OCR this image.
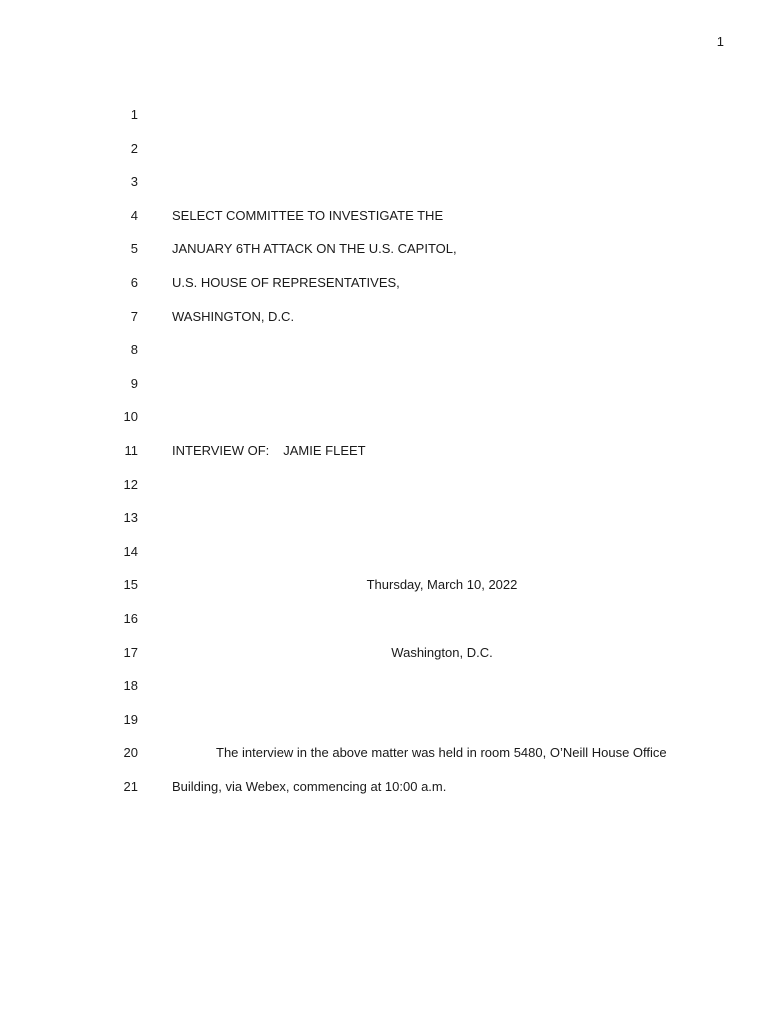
1
1
2
3
4	SELECT COMMITTEE TO INVESTIGATE THE
5	JANUARY 6TH ATTACK ON THE U.S. CAPITOL,
6	U.S. HOUSE OF REPRESENTATIVES,
7	WASHINGTON, D.C.
8
9
10
11	INTERVIEW OF: JAMIE FLEET
12
13
14
15	Thursday, March 10, 2022
16
17	Washington, D.C.
18
19
20	The interview in the above matter was held in room 5480, O’Neill House Office
21	Building, via Webex, commencing at 10:00 a.m.
